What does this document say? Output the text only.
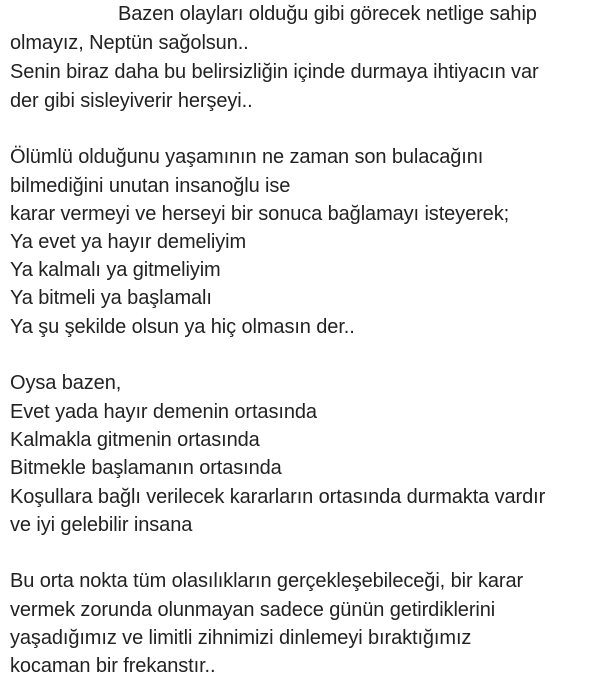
Bazen olayları olduğu gibi görecek netlige sahip
olmayız, Neptün sağolsun..
Senin biraz daha bu belirsizliğin içinde durmaya ihtiyacın var
der gibi sisleyiverir herşeyi..
Ölümlü olduğunu yaşamının ne zaman son bulacağını
bilmediğini unutan insanoğlu ise
karar vermeyi ve herseyi bir sonuca bağlamayı isteyerek;
Ya evet ya hayır demeliyim
Ya kalmalı ya gitmeliyim
Ya bitmeli ya başlamalı
Ya şu şekilde olsun ya hiç olmasın der..
Oysa bazen,
Evet yada hayır demenin ortasında
Kalmakla gitmenin ortasında
Bitmekle başlamanın ortasında
Koşullara bağlı verilecek kararların ortasında durmakta vardır
ve iyi gelebilir insana
Bu orta nokta tüm olasılıkların gerçekleşebileceği, bir karar
vermek zorunda olunmayan sadece günün getirdiklerini
yaşadığımız ve limitli zihnimizi dinlemeyi bıraktığımız
kocaman bir frekanstır..
